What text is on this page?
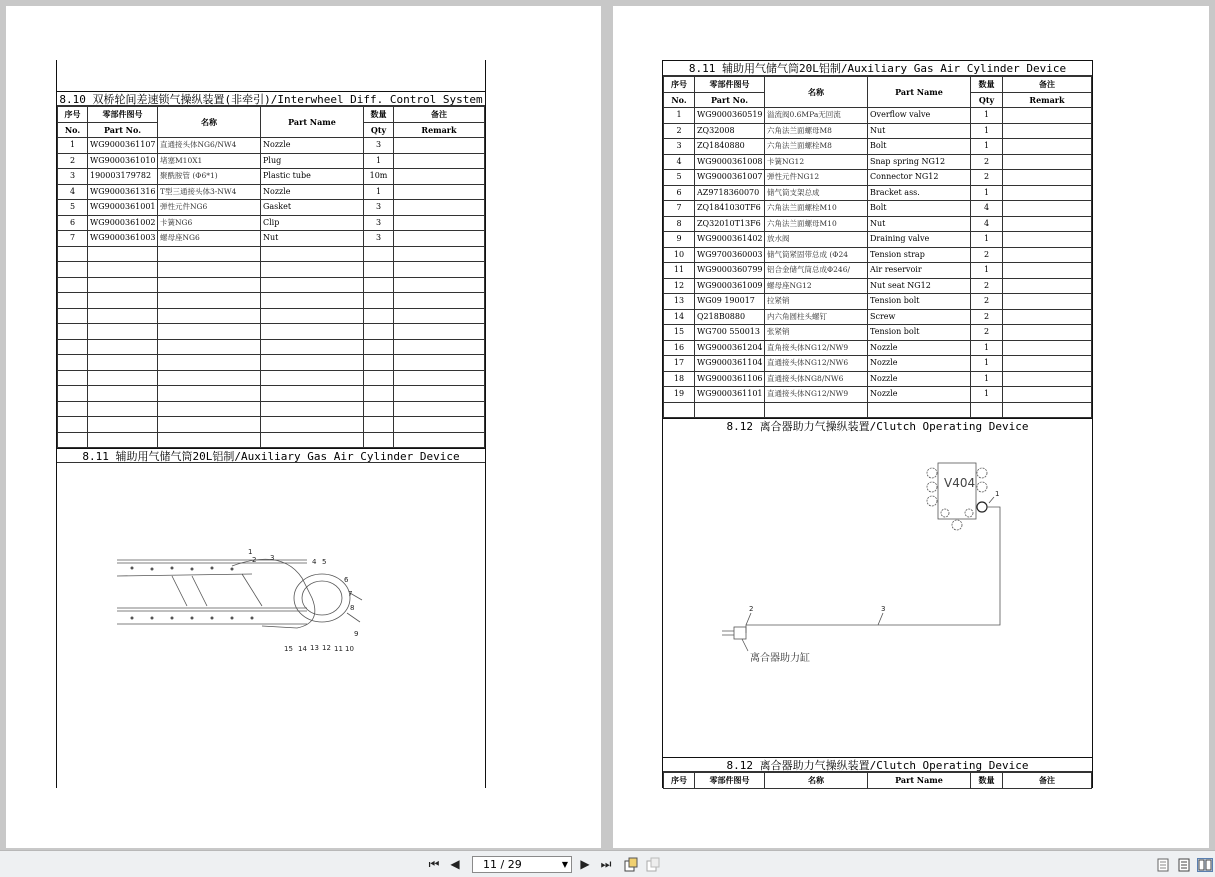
8.10 双桥轮间差速锁气操纵装置(非牵引)/Interwheel Diff. Control System
序号	零部件图号	名称	Part Name	数量	备注
No.	Part No.			Qty	Remark
1	WG9000361107	直通接头体NG6/NW4	Nozzle	3	
2	WG9000361010	堵塞M10X1	Plug	1	
3	190003179782	聚酰胺管 (Φ6*1)	Plastic tube	10m	
4	WG9000361316	T型三通接头体3-NW4	Nozzle	1	
5	WG9000361001	弹性元件NG6	Gasket	3	
6	WG9000361002	卡簧NG6	Clip	3	
7	WG9000361003	螺母座NG6	Nut	3	

8.11 辅助用气储气筒20L铝制/Auxiliary Gas Air Cylinder Device
1
2 3	4 5
6
7
8
9
15 14 13 12 11 10
8.11 辅助用气储气筒20L铝制/Auxiliary Gas Air Cylinder Device
序号	零部件图号	名称	Part Name	数量	备注
No.	Part No.			Qty	Remark
1	WG9000360519	溢流阀0.6MPa无回流	Overflow valve	1	
2	ZQ32008	六角法兰面螺母M8	Nut	1	
3	ZQ1840880	六角法兰面螺栓M8	Bolt	1	
4	WG9000361008	卡簧NG12	Snap spring NG12	2	
5	WG9000361007	弹性元件NG12	Connector NG12	2	
6	AZ9718360070	储气筒支架总成	Bracket ass.	1	
7	ZQ1841030TF6	六角法兰面螺栓M10	Bolt	4	
8	ZQ32010T13F6	六角法兰面螺母M10	Nut	4	
9	WG9000361402	放水阀	Draining valve	1	
10	WG9700360003	储气筒紧固带总成 (Φ24	Tension strap	2	
11	WG9000360799	铝合金储气筒总成Φ246/	Air reservoir	1	
12	WG9000361009	螺母座NG12	Nut seat NG12	2	
13	WG09 190017	拉紧销	Tension bolt	2	
14	Q218B0880	内六角圆柱头螺钉	Screw	2	
15	WG700 550013	张紧销	Tension bolt	2	
16	WG9000361204	直角接头体NG12/NW9	Nozzle	1	
17	WG9000361104	直通接头体NG12/NW6	Nozzle	1	
18	WG9000361106	直通接头体NG8/NW6	Nozzle	1	
19	WG9000361101	直通接头体NG12/NW9	Nozzle	1	

8.12 离合器助力气操纵装置/Clutch Operating Device
V404
1
2	3
离合器助力缸
8.12 离合器助力气操纵装置/Clutch Operating Device
序号	零部件图号	名称	Part Name	数量	备注
⏮ ◀ 11 / 29	▼ ▶ ⏭
